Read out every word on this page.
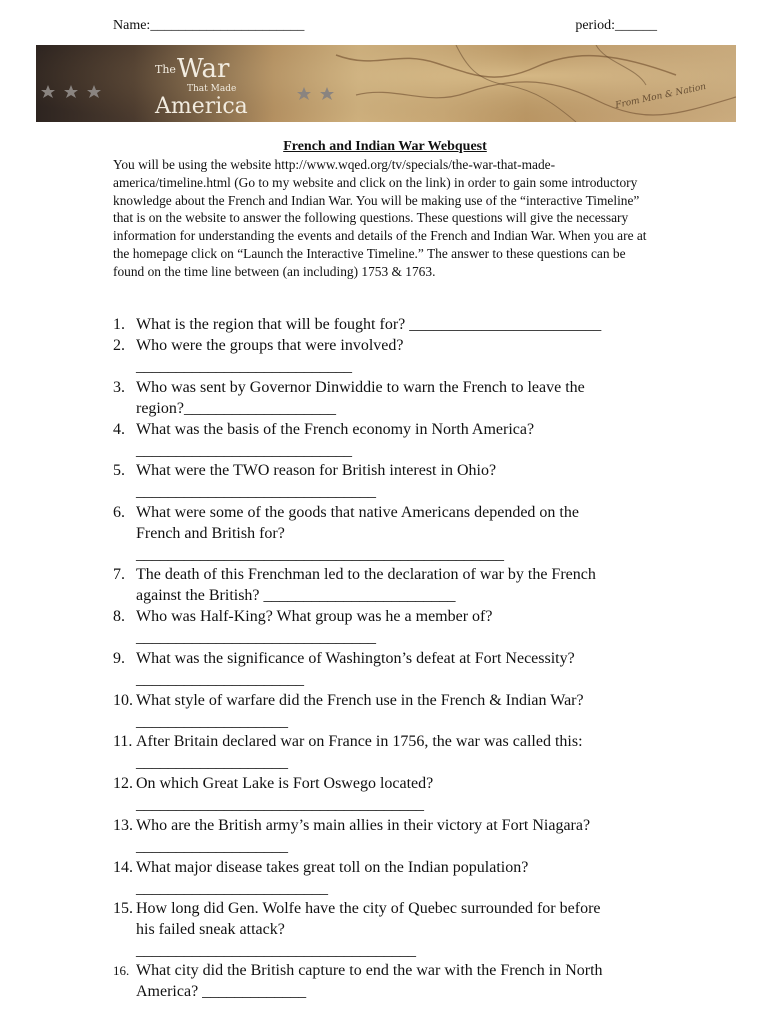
Name:______________________	period:______
From Mon & Nation
The War
That Made
America
French and Indian War Webquest

You will be using the website http://www.wqed.org/tv/specials/the-war-that-made-america/timeline.html (Go to my website and click on the link) in order to gain some introductory knowledge about the French and Indian War. You will be making use of the “interactive Timeline” that is on the website to answer the following questions. These questions will give the necessary information for understanding the events and details of the French and Indian War. When you are at the homepage click on “Launch the Interactive Timeline.” The answer to these questions can be found on the time line between (an including) 1753 & 1763.

1. What is the region that will be fought for? ________________________
2. Who were the groups that were involved?
___________________________
3. Who was sent by Governor Dinwiddie to warn the French to leave the
region?___________________
4. What was the basis of the French economy in North America?
___________________________
5. What were the TWO reason for British interest in Ohio?
______________________________
6. What were some of the goods that native Americans depended on the
French and British for?
______________________________________________
7. The death of this Frenchman led to the declaration of war by the French
against the British? ________________________
8. Who was Half-King? What group was he a member of?
______________________________
9. What was the significance of Washington’s defeat at Fort Necessity?
_____________________
10. What style of warfare did the French use in the French & Indian War?
___________________
11. After Britain declared war on France in 1756, the war was called this:
___________________
12. On which Great Lake is Fort Oswego located?
____________________________________
13. Who are the British army’s main allies in their victory at Fort Niagara?
___________________
14. What major disease takes great toll on the Indian population?
________________________
15. How long did Gen. Wolfe have the city of Quebec surrounded for before
his failed sneak attack?
___________________________________
16. What city did the British capture to end the war with the French in North
America? _____________
